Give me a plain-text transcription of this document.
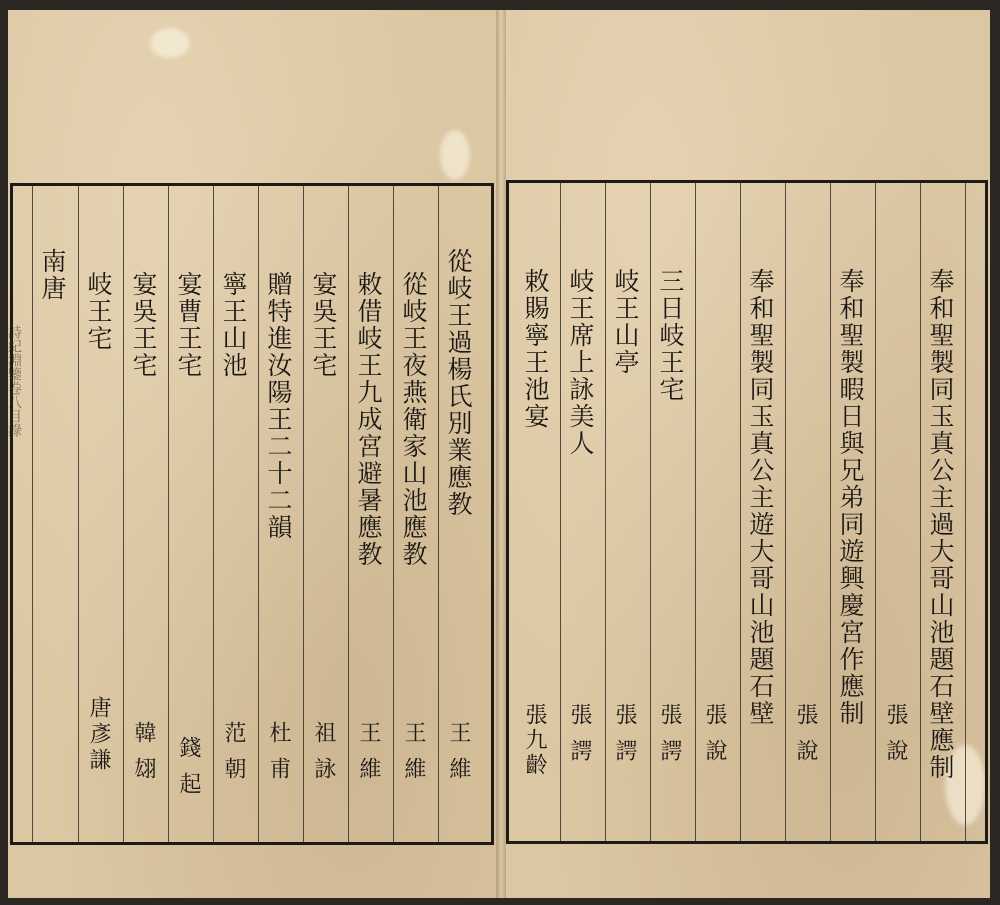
從岐王過楊氏別業應教
王維
從岐王夜燕衛家山池應教
王維
敕借岐王九成宮避暑應教
王維
宴吳王宅
祖詠
贈特進汝陽王二十二韻
杜甫
寧王山池
范朝
宴曹王宅
錢起
宴吳王宅
韓翃
岐王宅
唐彥謙
南唐
詩紀淵鑒卷八目錄	奉和聖製同玉真公主過大哥山池題石壁應制
張說
奉和聖製暇日與兄弟同遊興慶宮作應制
張說
奉和聖製同玉真公主遊大哥山池題石壁
張說
三日岐王宅
張諤
岐王山亭
張諤
岐王席上詠美人
張諤
敕賜寧王池宴
張九齡
